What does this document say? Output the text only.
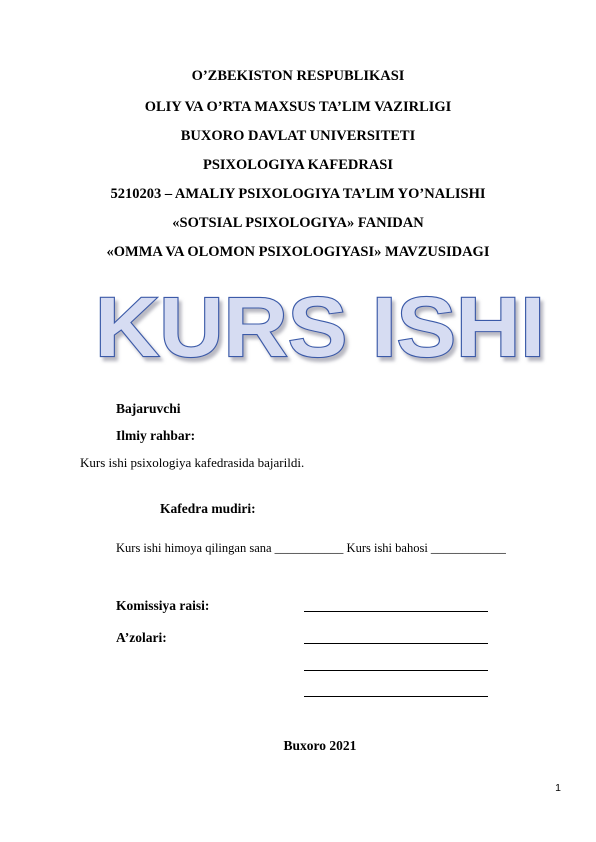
O’ZBEKISTON RESPUBLIKASI
OLIY VA O’RTA MAXSUS TA’LIM VAZIRLIGI
BUXORO DAVLAT UNIVERSITETI
PSIXOLOGIYA KAFEDRASI
5210203 – AMALIY PSIXOLOGIYA TA’LIM YO’NALISHI
«SOTSIAL PSIXOLOGIYA» FANIDAN
«OMMA VA OLOMON PSIXOLOGIYASI» MAVZUSIDAGI
KURS ISHI
Bajaruvchi
Ilmiy rahbar:
Kurs ishi psixologiya kafedrasida bajarildi.
Kafedra mudiri:
Kurs ishi himoya qilingan sana ___________ Kurs ishi bahosi ____________
Komissiya raisi:
A’zolari:
Buxoro 2021
1
